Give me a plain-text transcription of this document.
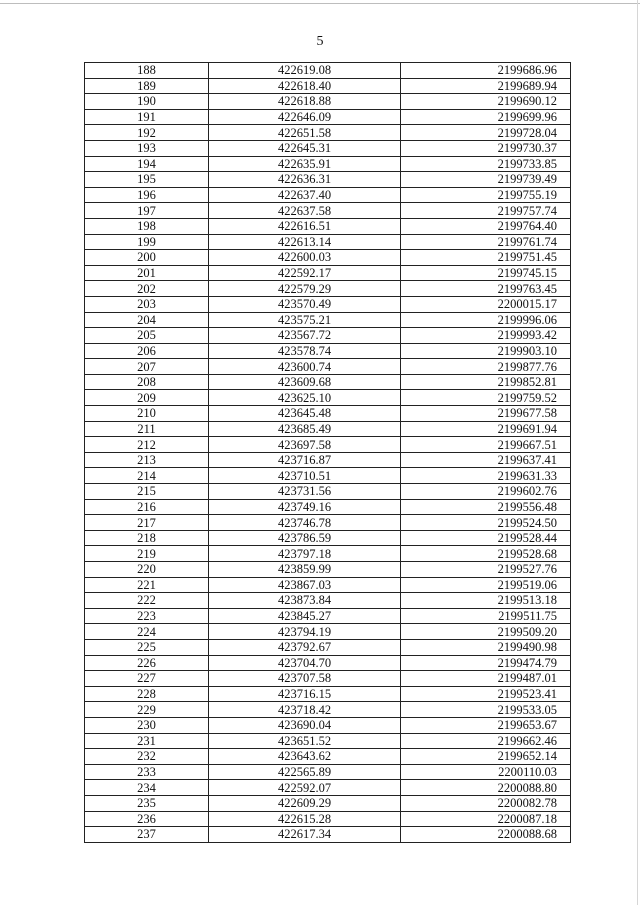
5
188	422619.08	2199686.96
189	422618.40	2199689.94
190	422618.88	2199690.12
191	422646.09	2199699.96
192	422651.58	2199728.04
193	422645.31	2199730.37
194	422635.91	2199733.85
195	422636.31	2199739.49
196	422637.40	2199755.19
197	422637.58	2199757.74
198	422616.51	2199764.40
199	422613.14	2199761.74
200	422600.03	2199751.45
201	422592.17	2199745.15
202	422579.29	2199763.45
203	423570.49	2200015.17
204	423575.21	2199996.06
205	423567.72	2199993.42
206	423578.74	2199903.10
207	423600.74	2199877.76
208	423609.68	2199852.81
209	423625.10	2199759.52
210	423645.48	2199677.58
211	423685.49	2199691.94
212	423697.58	2199667.51
213	423716.87	2199637.41
214	423710.51	2199631.33
215	423731.56	2199602.76
216	423749.16	2199556.48
217	423746.78	2199524.50
218	423786.59	2199528.44
219	423797.18	2199528.68
220	423859.99	2199527.76
221	423867.03	2199519.06
222	423873.84	2199513.18
223	423845.27	2199511.75
224	423794.19	2199509.20
225	423792.67	2199490.98
226	423704.70	2199474.79
227	423707.58	2199487.01
228	423716.15	2199523.41
229	423718.42	2199533.05
230	423690.04	2199653.67
231	423651.52	2199662.46
232	423643.62	2199652.14
233	422565.89	2200110.03
234	422592.07	2200088.80
235	422609.29	2200082.78
236	422615.28	2200087.18
237	422617.34	2200088.68
